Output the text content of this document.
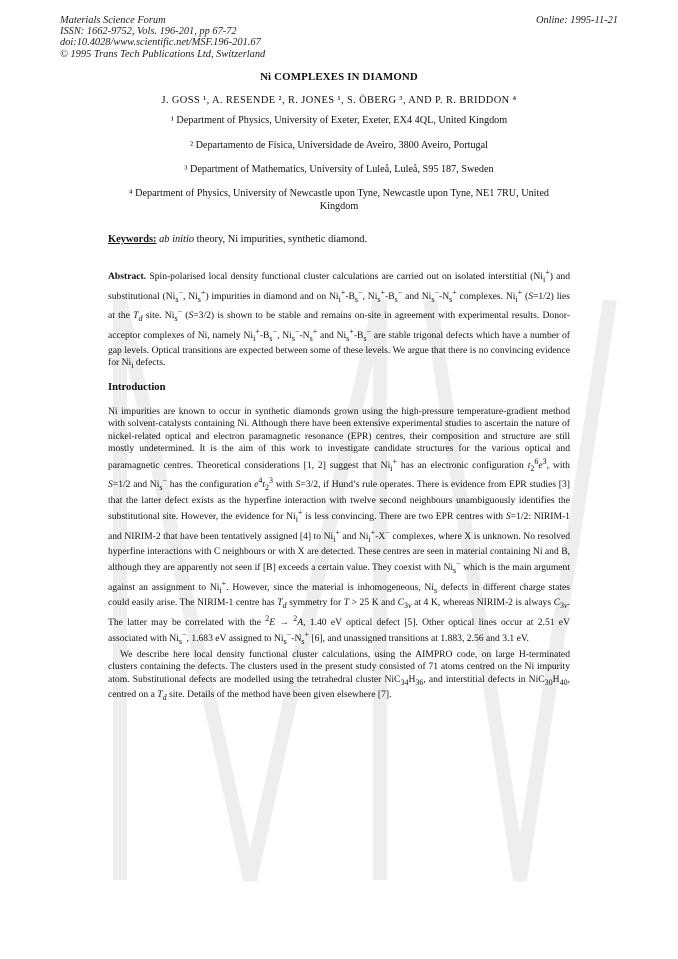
Materials Science Forum
ISSN: 1662-9752, Vols. 196-201, pp 67-72
doi:10.4028/www.scientific.net/MSF.196-201.67
© 1995 Trans Tech Publications Ltd, Switzerland
Online: 1995-11-21
Ni COMPLEXES IN DIAMOND
J. GOSS ¹, A. RESENDE ², R. JONES ¹, S. ÖBERG ³, AND P. R. BRIDDON ⁴
¹ Department of Physics, University of Exeter, Exeter, EX4 4QL, United Kingdom
² Departamento de Física, Universidade de Aveiro, 3800 Aveiro, Portugal
³ Department of Mathematics, University of Luleå, Luleå, S95 187, Sweden
⁴ Department of Physics, University of Newcastle upon Tyne, Newcastle upon Tyne, NE1 7RU, United Kingdom
Keywords: ab initio theory, Ni impurities, synthetic diamond.
Abstract. Spin-polarised local density functional cluster calculations are carried out on isolated interstitial $(Ni_i^+)$ and substitutional ($Ni_s^-$, $Ni_s^+$) impurities in diamond and on $Ni_i^+-B_s^-$, $Ni_s^+-B_s^-$ and $Ni_s^--N_s^+$ complexes. $Ni_i^+$ (S=1/2) lies at the $T_d$ site. $Ni_s^-$ (S=3/2) is shown to be stable and remains on-site in agreement with experimental results. Donor-acceptor complexes of Ni, namely $Ni_i^+-B_s^-$, $Ni_s^--N_s^+$ and $Ni_s^+-B_s^-$ are stable trigonal defects which have a number of gap levels. Optical transitions are expected between some of these levels. We argue that there is no convincing evidence for $Ni_i$ defects.
Introduction
Ni impurities are known to occur in synthetic diamonds grown using the high-pressure temperature-gradient method with solvent-catalysts containing Ni. Although there have been extensive experimental studies to ascertain the nature of nickel-related optical and electron paramagnetic resonance (EPR) centres, their composition and structure are still mostly undetermined. It is the aim of this work to investigate candidate structures for the various optical and paramagnetic centres. Theoretical considerations [1, 2] suggest that $Ni_i^+$ has an electronic configuration $t_2^6e^3$, with S=1/2 and $Ni_s^-$ has the configuration $e^4t_2^3$ with S=3/2, if Hund’s rule operates. There is evidence from EPR studies [3] that the latter defect exists as the hyperfine interaction with twelve second neighbours unambiguously identifies the substitutional site. However, the evidence for $Ni_i^+$ is less convincing. There are two EPR centres with S=1/2: NIRIM-1 and NIRIM-2 that have been tentatively assigned [4] to $Ni_i^+$ and $Ni_i^+-X^-$ complexes, where X is unknown. No resolved hyperfine interactions with C neighbours or with X are detected. These centres are seen in material containing Ni and B, although they are apparently not seen if [B] exceeds a certain value. They coexist with $Ni_s^-$ which is the main argument against an assignment to $Ni_i^+$. However, since the material is inhomogeneous, $Ni_s$ defects in different charge states could easily arise. The NIRIM-1 centre has $T_d$ symmetry for T > 25 K and $C_{3v}$ at 4 K, whereas NIRIM-2 is always $C_{3v}$. The latter may be correlated with the $^2$E → $^2$A, 1.40 eV optical defect [5]. Other optical lines occur at 2.51 eV associated with $Ni_s^-$, 1.683 eV assigned to $Ni_s^--N_s^+$ [6], and unassigned transitions at 1.883, 2.56 and 3.1 eV.
We describe here local density functional cluster calculations, using the AIMPRO code, on large H-terminated clusters containing the defects. The clusters used in the present study consisted of 71 atoms centred on the Ni impurity atom. Substitutional defects are modelled using the tetrahedral cluster $NiC_{34}H_{36}$, and interstitial defects in $NiC_{30}H_{40}$, centred on a $T_d$ site. Details of the method have been given elsewhere [7].
